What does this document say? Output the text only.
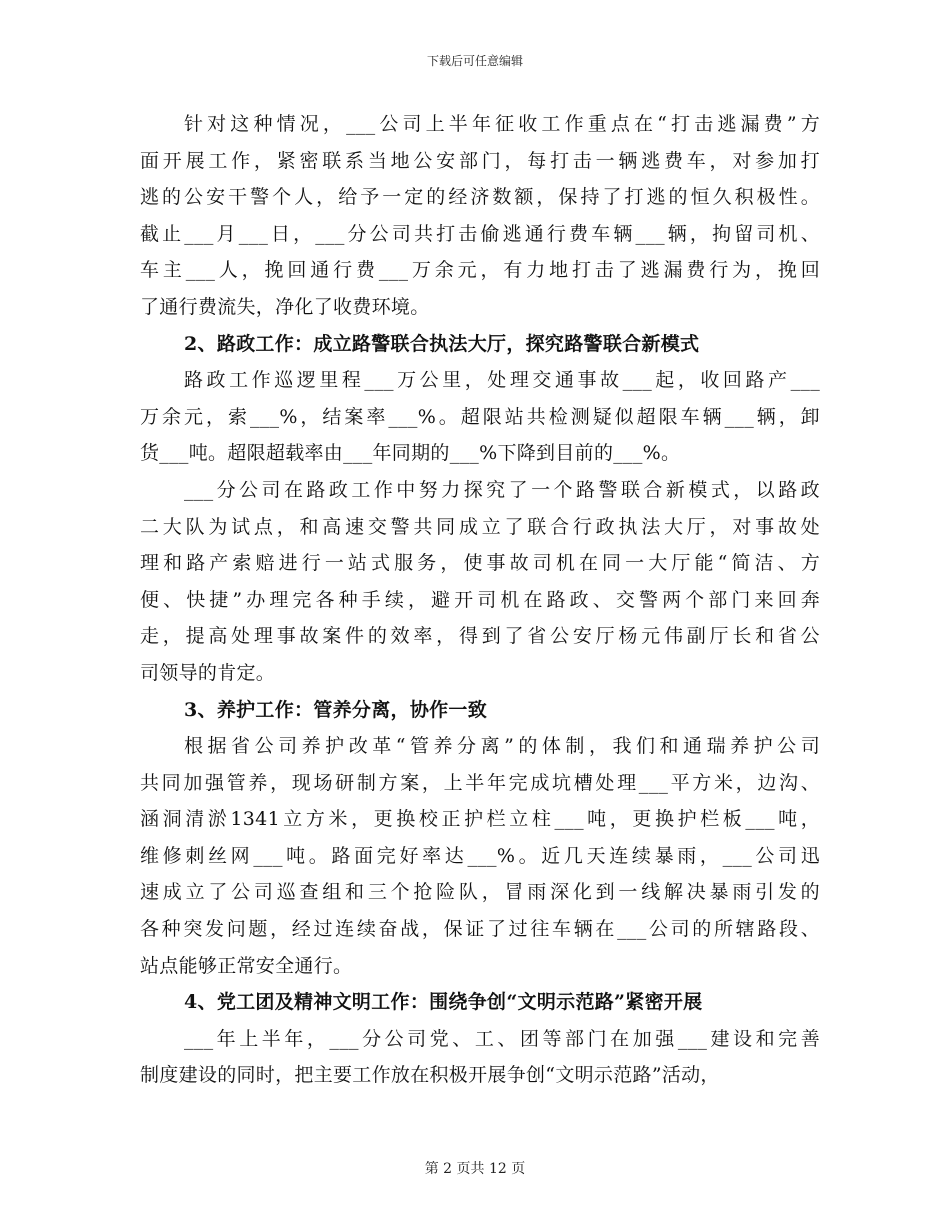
下载后可任意编辑
针对这种情况，___公司上半年征收工作重点在“打击逃漏费”方
面开展工作，紧密联系当地公安部门，每打击一辆逃费车，对参加打
逃的公安干警个人，给予一定的经济数额，保持了打逃的恒久积极性。
截止___月___日，___分公司共打击偷逃通行费车辆___辆，拘留司机、
车主___人，挽回通行费___万余元，有力地打击了逃漏费行为，挽回
了通行费流失，净化了收费环境。
2、路政工作：成立路警联合执法大厅，探究路警联合新模式
路政工作巡逻里程___万公里，处理交通事故___起，收回路产___
万余元，索___%，结案率___%。超限站共检测疑似超限车辆___辆，卸
货___吨。超限超载率由___年同期的___%下降到目前的___%。
___分公司在路政工作中努力探究了一个路警联合新模式，以路政
二大队为试点，和高速交警共同成立了联合行政执法大厅，对事故处
理和路产索赔进行一站式服务，使事故司机在同一大厅能“简洁、方
便、快捷”办理完各种手续，避开司机在路政、交警两个部门来回奔
走，提高处理事故案件的效率，得到了省公安厅杨元伟副厅长和省公
司领导的肯定。
3、养护工作：管养分离，协作一致
根据省公司养护改革“管养分离”的体制，我们和通瑞养护公司
共同加强管养，现场研制方案，上半年完成坑槽处理___平方米，边沟、
涵洞清淤1341立方米，更换校正护栏立柱___吨，更换护栏板___吨，
维修刺丝网___吨。路面完好率达___%。近几天连续暴雨，___公司迅
速成立了公司巡查组和三个抢险队，冒雨深化到一线解决暴雨引发的
各种突发问题，经过连续奋战，保证了过往车辆在___公司的所辖路段、
站点能够正常安全通行。
4、党工团及精神文明工作：围绕争创“文明示范路”紧密开展
___年上半年，___分公司党、工、团等部门在加强___建设和完善
制度建设的同时，把主要工作放在积极开展争创“文明示范路”活动，
第 2 页共 12 页
